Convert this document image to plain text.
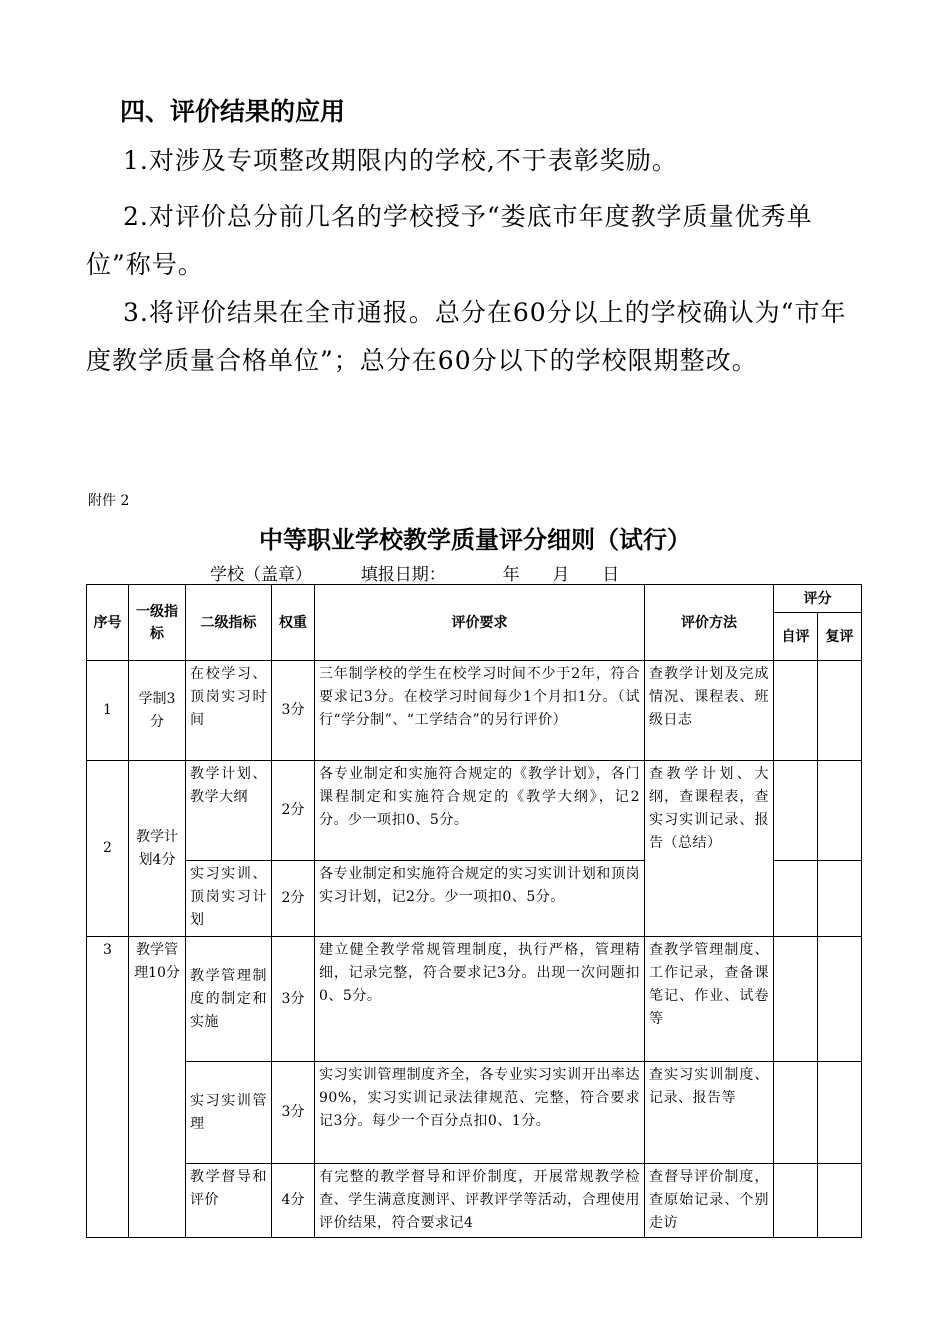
四、评价结果的应用

1.对涉及专项整改期限内的学校,不于表彰奖励。

2.对评价总分前几名的学校授予“娄底市年度教学质量优秀单位”称号。

3.将评价结果在全市通报。总分在60分以上的学校确认为“市年度教学质量合格单位”；总分在60分以下的学校限期整改。

附件 2
中等职业学校教学质量评分细则（试行）
学校（盖章）	填报日期：	年 月 日
序号	一级指标	二级指标	权重	评价要求	评价方法	评分	
						自评	复评
1	学制3分	在校学习、顶岗实习时间	3分	三年制学校的学生在校学习时间不少于2年，符合要求记3分。在校学习时间每少1个月扣1分。（试行“学分制”、“工学结合”的另行评价）	查教学计划及完成情况、课程表、班级日志		
2	教学计划4分	教学计划、教学大纲	2分	各专业制定和实施符合规定的《教学计划》，各门课程制定和实施符合规定的《教学大纲》，记2分。少一项扣0、5分。	查教学计划、大纲，查课程表，查实习实训记录、报告（总结）		
		实习实训、顶岗实习计划	2分	各专业制定和实施符合规定的实习实训计划和顶岗实习计划，记2分。少一项扣0、5分。			
3	教学管理10分	教学管理制度的制定和实施	3分	建立健全教学常规管理制度，执行严格，管理精细，记录完整，符合要求记3分。出现一次问题扣0、5分。	查教学管理制度、工作记录，查备课笔记、作业、试卷等		
		实习实训管理	3分	实习实训管理制度齐全，各专业实习实训开出率达90%，实习实训记录法律规范、完整，符合要求记3分。每少一个百分点扣0、1分。	查实习实训制度、记录、报告等		
		教学督导和评价	4分	有完整的教学督导和评价制度，开展常规教学检查、学生满意度测评、评教评学等活动，合理使用评价结果，符合要求记4	查督导评价制度，查原始记录、个别走访		
